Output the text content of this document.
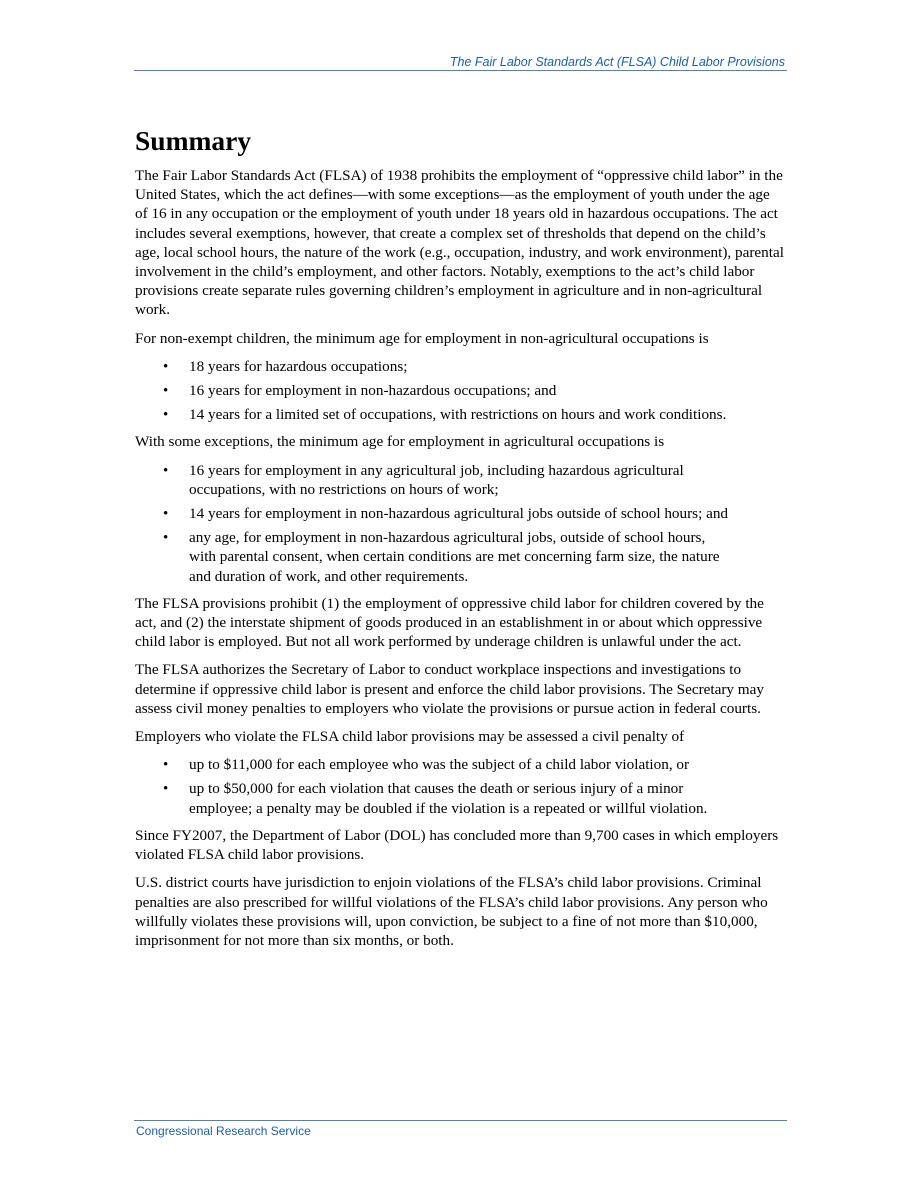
The Fair Labor Standards Act (FLSA) Child Labor Provisions
Summary

The Fair Labor Standards Act (FLSA) of 1938 prohibits the employment of “oppressive child labor” in the United States, which the act defines—with some exceptions—as the employment of youth under the age of 16 in any occupation or the employment of youth under 18 years old in hazardous occupations. The act includes several exemptions, however, that create a complex set of thresholds that depend on the child’s age, local school hours, the nature of the work (e.g., occupation, industry, and work environment), parental involvement in the child’s employment, and other factors. Notably, exemptions to the act’s child labor provisions create separate rules governing children’s employment in agriculture and in non-agricultural work.

For non-exempt children, the minimum age for employment in non-agricultural occupations is

• 18 years for hazardous occupations;
• 16 years for employment in non-hazardous occupations; and
• 14 years for a limited set of occupations, with restrictions on hours and work conditions.

With some exceptions, the minimum age for employment in agricultural occupations is

• 16 years for employment in any agricultural job, including hazardous agricultural occupations, with no restrictions on hours of work;
• 14 years for employment in non-hazardous agricultural jobs outside of school hours; and
• any age, for employment in non-hazardous agricultural jobs, outside of school hours, with parental consent, when certain conditions are met concerning farm size, the nature and duration of work, and other requirements.

The FLSA provisions prohibit (1) the employment of oppressive child labor for children covered by the act, and (2) the interstate shipment of goods produced in an establishment in or about which oppressive child labor is employed. But not all work performed by underage children is unlawful under the act.

The FLSA authorizes the Secretary of Labor to conduct workplace inspections and investigations to determine if oppressive child labor is present and enforce the child labor provisions. The Secretary may assess civil money penalties to employers who violate the provisions or pursue action in federal courts.

Employers who violate the FLSA child labor provisions may be assessed a civil penalty of

• up to $11,000 for each employee who was the subject of a child labor violation, or
• up to $50,000 for each violation that causes the death or serious injury of a minor employee; a penalty may be doubled if the violation is a repeated or willful violation.

Since FY2007, the Department of Labor (DOL) has concluded more than 9,700 cases in which employers violated FLSA child labor provisions.

U.S. district courts have jurisdiction to enjoin violations of the FLSA’s child labor provisions. Criminal penalties are also prescribed for willful violations of the FLSA’s child labor provisions. Any person who willfully violates these provisions will, upon conviction, be subject to a fine of not more than $10,000, imprisonment for not more than six months, or both.

Congressional Research Service
